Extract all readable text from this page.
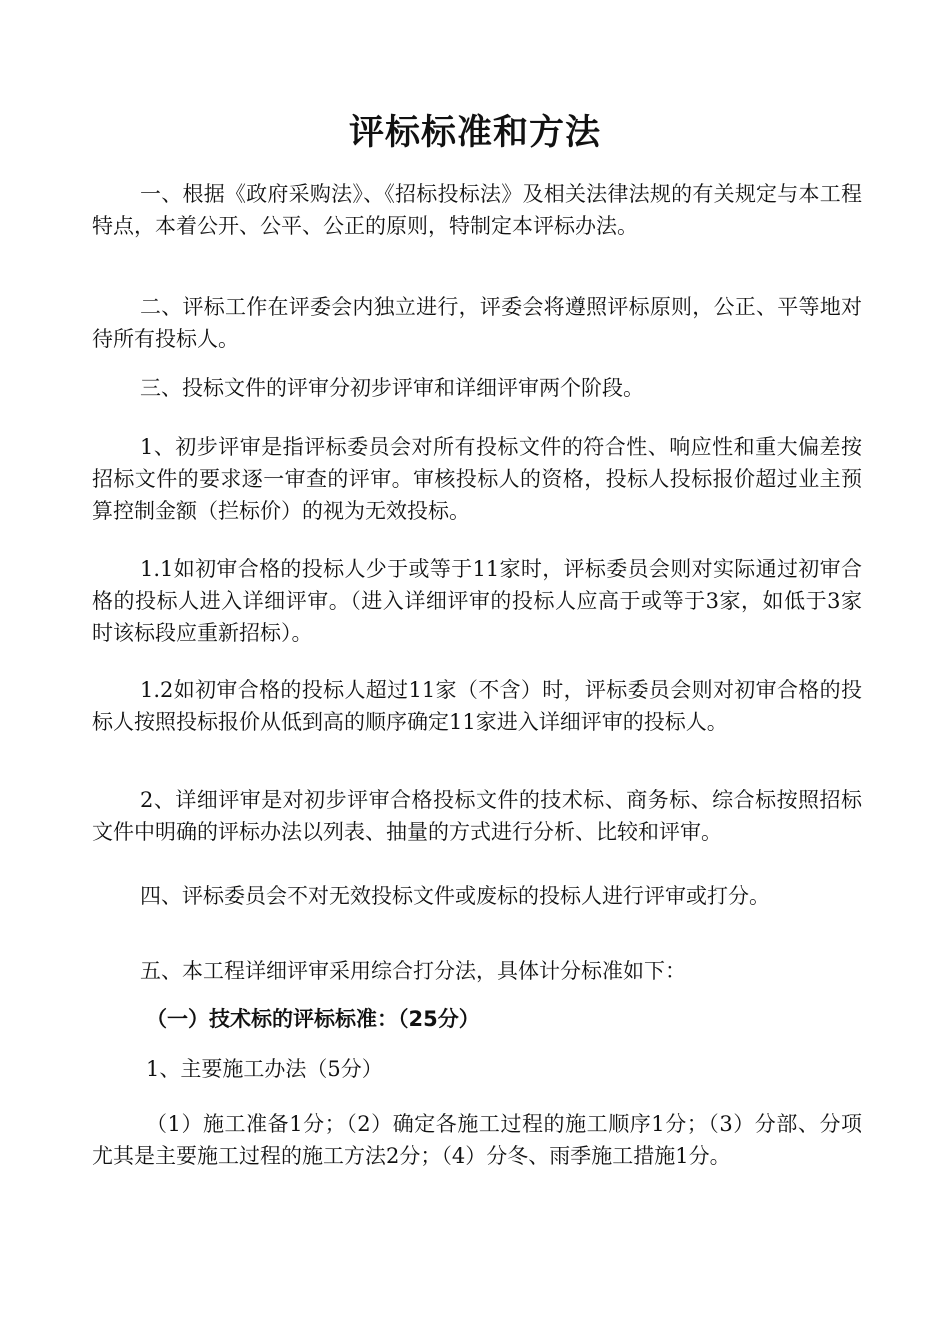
评标标准和方法

一、根据《政府采购法》、《招标投标法》及相关法律法规的有关规定与本工程特点，本着公开、公平、公正的原则，特制定本评标办法。

二、评标工作在评委会内独立进行，评委会将遵照评标原则，公正、平等地对待所有投标人。

三、投标文件的评审分初步评审和详细评审两个阶段。

1、初步评审是指评标委员会对所有投标文件的符合性、响应性和重大偏差按招标文件的要求逐一审查的评审。审核投标人的资格，投标人投标报价超过业主预算控制金额（拦标价）的视为无效投标。

1.1如初审合格的投标人少于或等于11家时，评标委员会则对实际通过初审合格的投标人进入详细评审。（进入详细评审的投标人应高于或等于3家，如低于3家时该标段应重新招标）。

1.2如初审合格的投标人超过11家（不含）时，评标委员会则对初审合格的投标人按照投标报价从低到高的顺序确定11家进入详细评审的投标人。

2、详细评审是对初步评审合格投标文件的技术标、商务标、综合标按照招标文件中明确的评标办法以列表、抽量的方式进行分析、比较和评审。

四、评标委员会不对无效投标文件或废标的投标人进行评审或打分。

五、本工程详细评审采用综合打分法，具体计分标准如下：

（一）技术标的评标标准：（25分）

1、主要施工办法（5分）

（1）施工准备1分；（2）确定各施工过程的施工顺序1分；（3）分部、分项尤其是主要施工过程的施工方法2分；（4）分冬、雨季施工措施1分。
